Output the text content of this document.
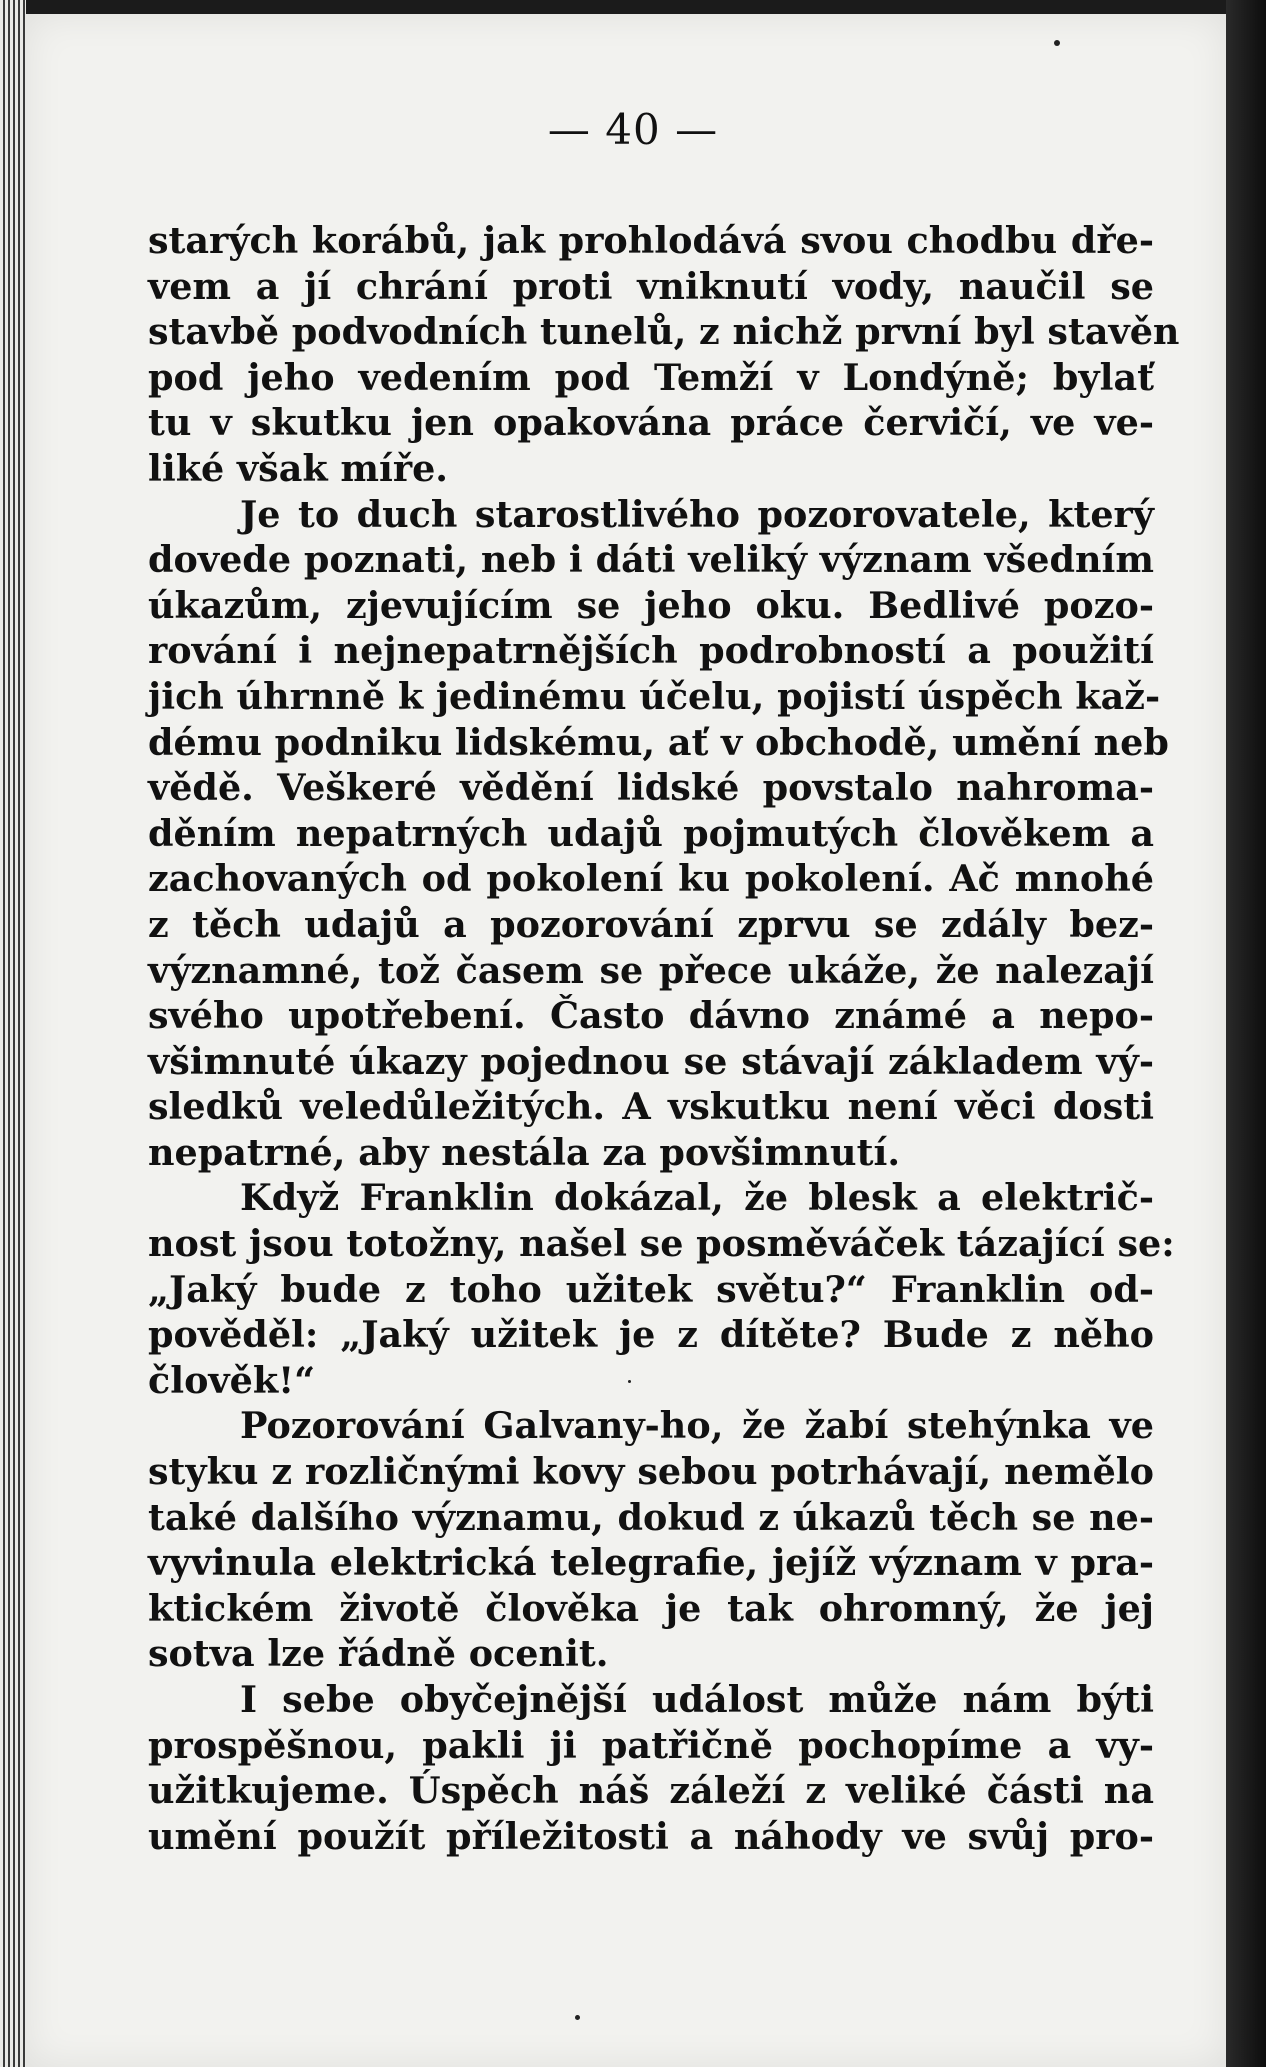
— 40 —
starých korábů, jak prohlodává svou chodbu dře-
vem a jí chrání proti vniknutí vody, naučil se
stavbě podvodních tunelů, z nichž první byl stavěn
pod jeho vedením pod Temží v Londýně; bylať
tu v skutku jen opakována práce červičí, ve ve-
liké však míře.
Je to duch starostlivého pozorovatele, který
dovede poznati, neb i dáti veliký význam všedním
úkazům, zjevujícím se jeho oku. Bedlivé pozo-
rování i nejnepatrnějších podrobností a použití
jich úhrnně k jedinému účelu, pojistí úspěch kaž-
dému podniku lidskému, ať v obchodě, umění neb
vědě. Veškeré vědění lidské povstalo nahroma-
děním nepatrných udajů pojmutých člověkem a
zachovaných od pokolení ku pokolení. Ač mnohé
z těch udajů a pozorování zprvu se zdály bez-
významné, tož časem se přece ukáže, že nalezají
svého upotřebení. Často dávno známé a nepo-
všimnuté úkazy pojednou se stávají základem vý-
sledků veledůležitých. A vskutku není věci dosti
nepatrné, aby nestála za povšimnutí.
Když Franklin dokázal, že blesk a električ-
nost jsou totožny, našel se posměváček tázající se:
„Jaký bude z toho užitek světu?“ Franklin od-
pověděl: „Jaký užitek je z dítěte? Bude z něho
člověk!“
Pozorování Galvany-ho, že žabí stehýnka ve
styku z rozličnými kovy sebou potrhávají, nemělo
také dalšího významu, dokud z úkazů těch se ne-
vyvinula elektrická telegrafie, jejíž význam v pra-
ktickém životě člověka je tak ohromný, že jej
sotva lze řádně ocenit.
I sebe obyčejnější událost může nám býti
prospěšnou, pakli ji patřičně pochopíme a vy-
užitkujeme. Úspěch náš záleží z veliké části na
umění použít příležitosti a náhody ve svůj pro-
